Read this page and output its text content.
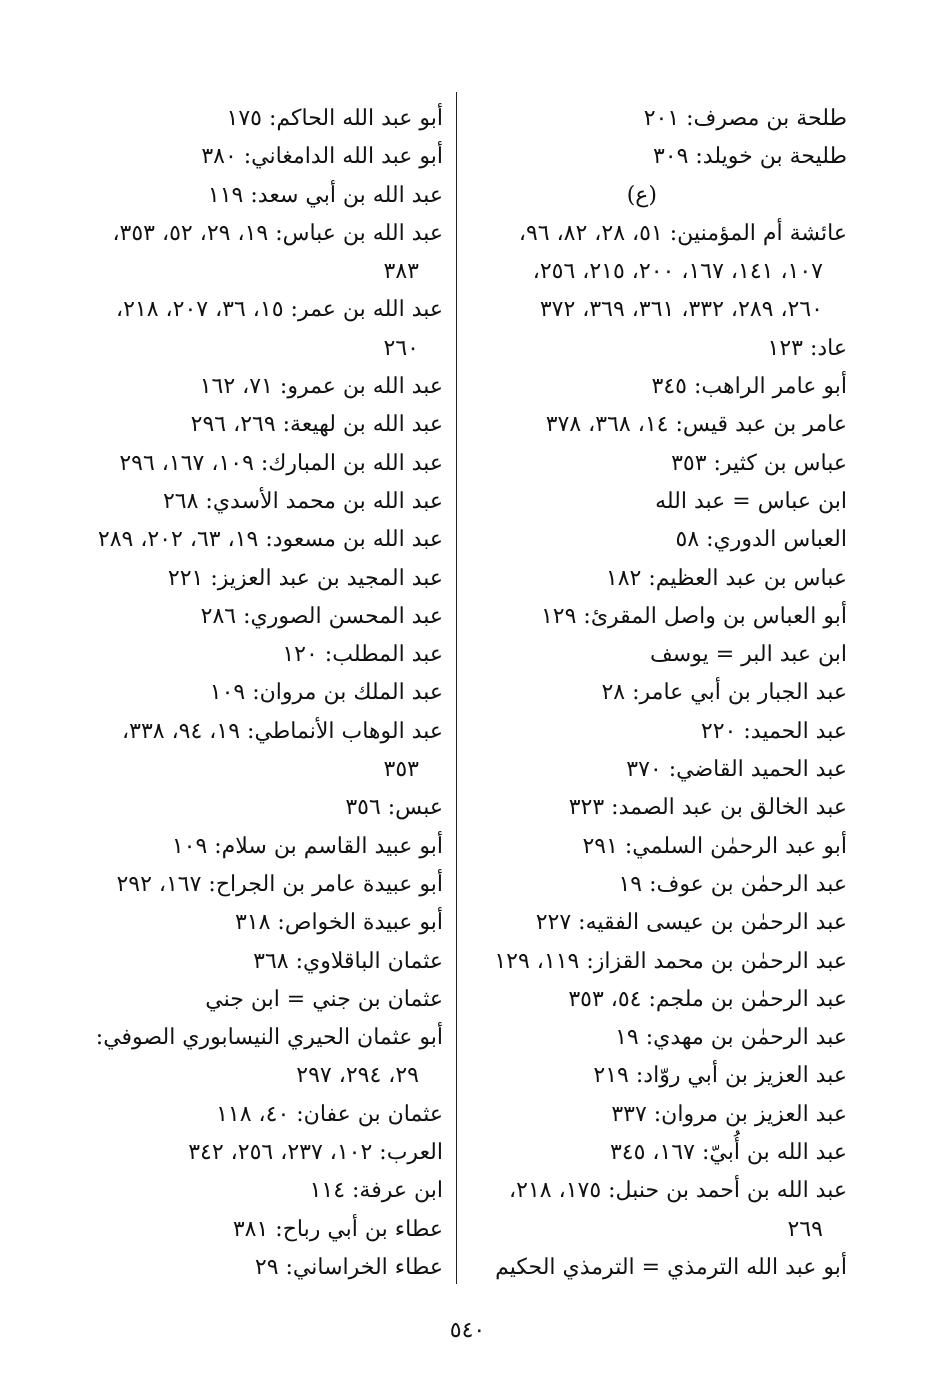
طلحة بن مصرف: ٢٠١
طليحة بن خويلد: ٣٠٩
(ع)
عائشة أم المؤمنين: ٥١، ٢٨، ٨٢، ٩٦،
١٠٧، ١٤١، ١٦٧، ٢٠٠، ٢١٥، ٢٥٦،
٢٦٠، ٢٨٩، ٣٣٢، ٣٦١، ٣٦٩، ٣٧٢
عاد: ١٢٣
أبو عامر الراهب: ٣٤٥
عامر بن عبد قيس: ١٤، ٣٦٨، ٣٧٨
عباس بن كثير: ٣٥٣
ابن عباس = عبد الله
العباس الدوري: ٥٨
عباس بن عبد العظيم: ١٨٢
أبو العباس بن واصل المقرئ: ١٢٩
ابن عبد البر = يوسف
عبد الجبار بن أبي عامر: ٢٨
عبد الحميد: ٢٢٠
عبد الحميد القاضي: ٣٧٠
عبد الخالق بن عبد الصمد: ٣٢٣
أبو عبد الرحمٰن السلمي: ٢٩١
عبد الرحمٰن بن عوف: ١٩
عبد الرحمٰن بن عيسى الفقيه: ٢٢٧
عبد الرحمٰن بن محمد القزاز: ١١٩، ١٢٩
عبد الرحمٰن بن ملجم: ٥٤، ٣٥٣
عبد الرحمٰن بن مهدي: ١٩
عبد العزيز بن أبي روّاد: ٢١٩
عبد العزيز بن مروان: ٣٣٧
عبد الله بن أُبيّ: ١٦٧، ٣٤٥
عبد الله بن أحمد بن حنبل: ١٧٥، ٢١٨،
٢٦٩
أبو عبد الله الترمذي = الترمذي الحكيم
أبو عبد الله الحاكم: ١٧٥
أبو عبد الله الدامغاني: ٣٨٠
عبد الله بن أبي سعد: ١١٩
عبد الله بن عباس: ١٩، ٢٩، ٥٢، ٣٥٣،
٣٨٣
عبد الله بن عمر: ١٥، ٣٦، ٢٠٧، ٢١٨،
٢٦٠
عبد الله بن عمرو: ٧١، ١٦٢
عبد الله بن لهيعة: ٢٦٩، ٢٩٦
عبد الله بن المبارك: ١٠٩، ١٦٧، ٢٩٦
عبد الله بن محمد الأسدي: ٢٦٨
عبد الله بن مسعود: ١٩، ٦٣، ٢٠٢، ٢٨٩
عبد المجيد بن عبد العزيز: ٢٢١
عبد المحسن الصوري: ٢٨٦
عبد المطلب: ١٢٠
عبد الملك بن مروان: ١٠٩
عبد الوهاب الأنماطي: ١٩، ٩٤، ٣٣٨،
٣٥٣
عبس: ٣٥٦
أبو عبيد القاسم بن سلام: ١٠٩
أبو عبيدة عامر بن الجراح: ١٦٧، ٢٩٢
أبو عبيدة الخواص: ٣١٨
عثمان الباقلاوي: ٣٦٨
عثمان بن جني = ابن جني
أبو عثمان الحيري النيسابوري الصوفي:
٢٩، ٢٩٤، ٢٩٧
عثمان بن عفان: ٤٠، ١١٨
العرب: ١٠٢، ٢٣٧، ٢٥٦، ٣٤٢
ابن عرفة: ١١٤
عطاء بن أبي رباح: ٣٨١
عطاء الخراساني: ٢٩
٥٤٠
